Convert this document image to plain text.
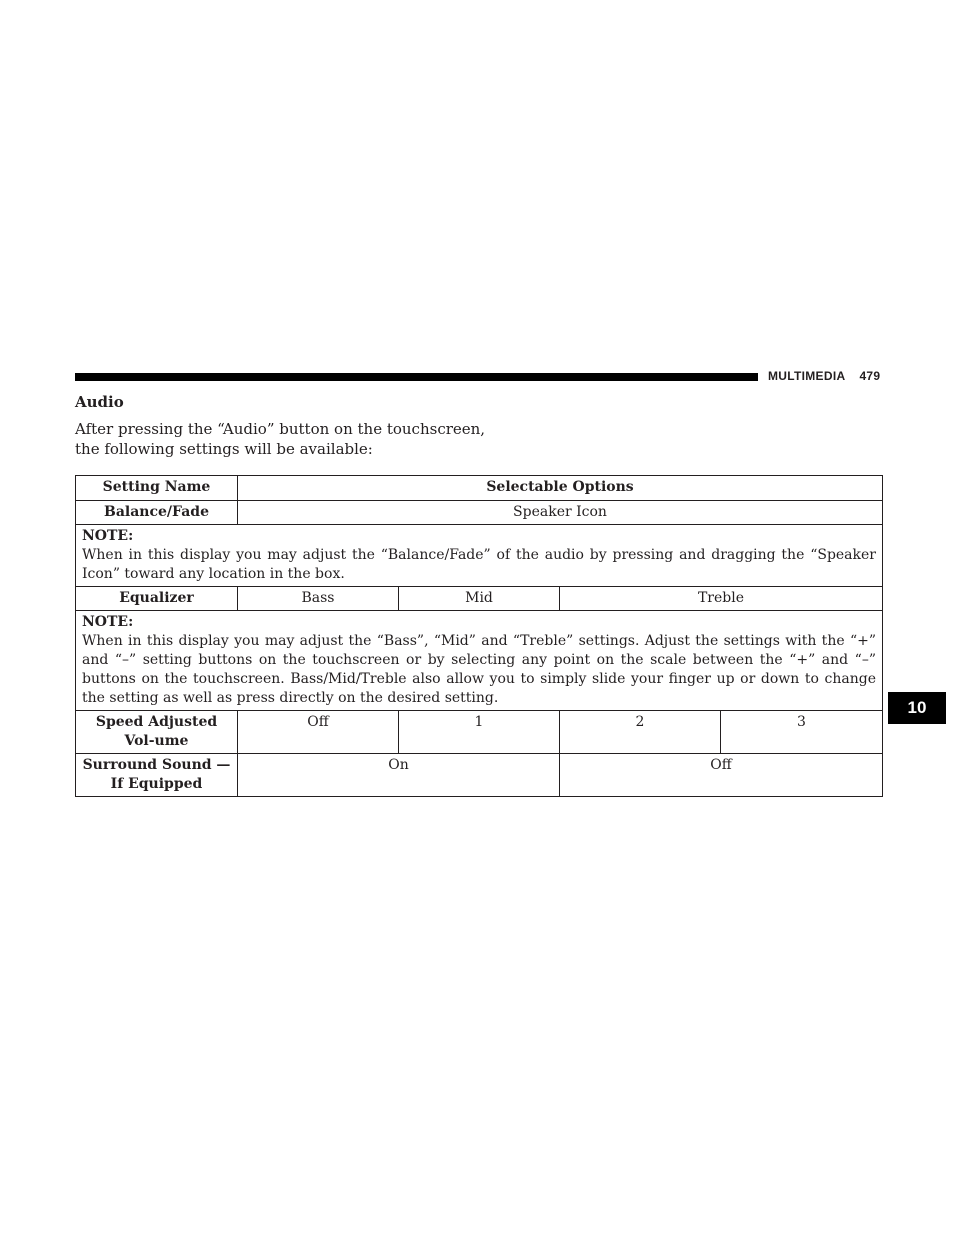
MULTIMEDIA 479
Audio
After pressing the “Audio” button on the touchscreen, the following settings will be available:
10
Setting Name	Selectable Options			
Balance/Fade	Speaker Icon			

NOTE:
When in this display you may adjust the “Balance/Fade” of the audio by pressing and dragging the “Speaker Icon” toward any location in the box.				

Equalizer	Bass	Mid	Treble	

NOTE:
When in this display you may adjust the “Bass”, “Mid” and “Treble” settings. Adjust the settings with the “+” and “–” setting buttons on the touchscreen or by selecting any point on the scale between the “+” and “–” buttons on the touchscreen. Bass/Mid/Treble also allow you to simply slide your finger up or down to change the setting as well as press directly on the desired setting.				

Speed Adjusted Vol-ume	Off	1	2	3
Surround Sound — If Equipped	On		Off	
